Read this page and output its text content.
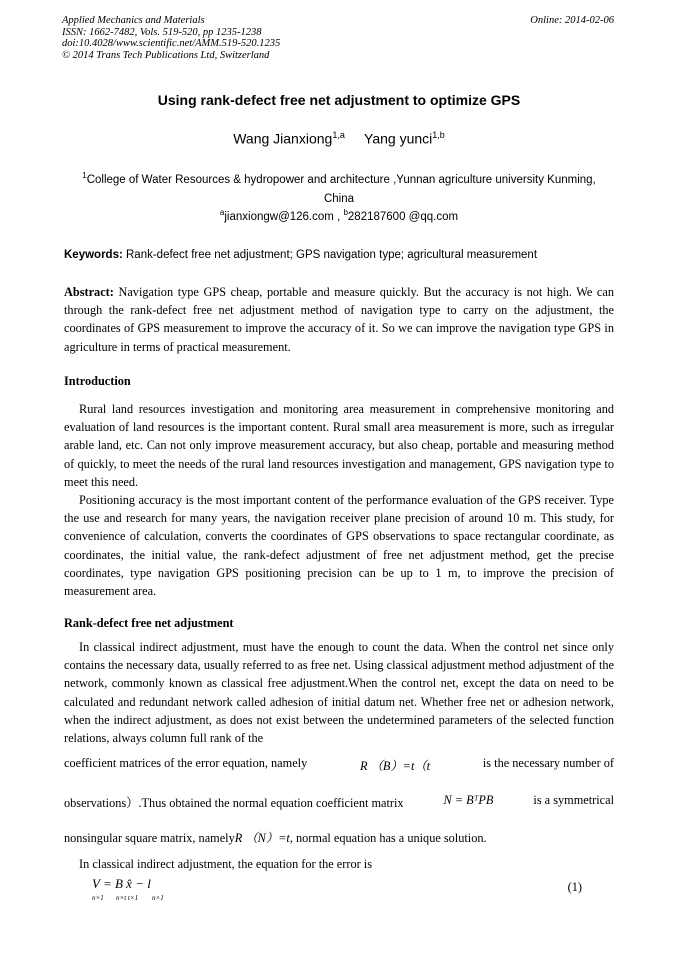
Applied Mechanics and Materials
ISSN: 1662-7482, Vols. 519-520, pp 1235-1238
doi:10.4028/www.scientific.net/AMM.519-520.1235
© 2014 Trans Tech Publications Ltd, Switzerland
Online: 2014-02-06
Using rank-defect free net adjustment to optimize GPS
Wang Jianxiong$^{1,a}$ Yang yunci$^{1,b}$
$^1$College of Water Resources & hydropower and architecture ,Yunnan agriculture university Kunming, China
$^a$jianxiongw@126.com , $^b$282187600 @qq.com
Keywords: Rank-defect free net adjustment; GPS navigation type; agricultural measurement

Abstract: Navigation type GPS cheap, portable and measure quickly. But the accuracy is not high. We can through the rank-defect free net adjustment method of navigation type to carry on the adjustment, the coordinates of GPS measurement to improve the accuracy of it. So we can improve the navigation type GPS in agriculture in terms of practical measurement.

Introduction

Rural land resources investigation and monitoring area measurement in comprehensive monitoring and evaluation of land resources is the important content. Rural small area measurement is more, such as irregular arable land, etc. Can not only improve measurement accuracy, but also cheap, portable and measuring method of quickly, to meet the needs of the rural land resources investigation and management, GPS navigation type to meet this need.

Positioning accuracy is the most important content of the performance evaluation of the GPS receiver. Type the use and research for many years, the navigation receiver plane precision of around 10 m. This study, for convenience of calculation, converts the coordinates of GPS observations to space rectangular coordinate, as coordinates, the initial value, the rank-defect adjustment of free net adjustment method, get the precise coordinates, type navigation GPS positioning precision can be up to 1 m, to improve the precision of measurement area.

Rank-defect free net adjustment

In classical indirect adjustment, must have the enough to count the data. When the control net since only contains the necessary data, usually referred to as free net. Using classical adjustment method adjustment of the network, commonly known as classical free adjustment.When the control net, except the data on need to be calculated and redundant network called adhesion of initial datum net. Whether free net or adhesion network, when the indirect adjustment, as does not exist between the undetermined parameters of the selected function relations, always column full rank of the

coefficient matrices of the error equation, namely	R （B）=t（t	is the necessary number of
observations）.Thus obtained the normal equation coefficient matrix	N = BᵀPB	is a symmetrical
nonsingular square matrix, namelyR （N）=t, normal equation has a unique solution.
In classical indirect adjustment, the equation for the error is
V = B x̂ − l
n×1 n×t t×1 n×1
(1)
